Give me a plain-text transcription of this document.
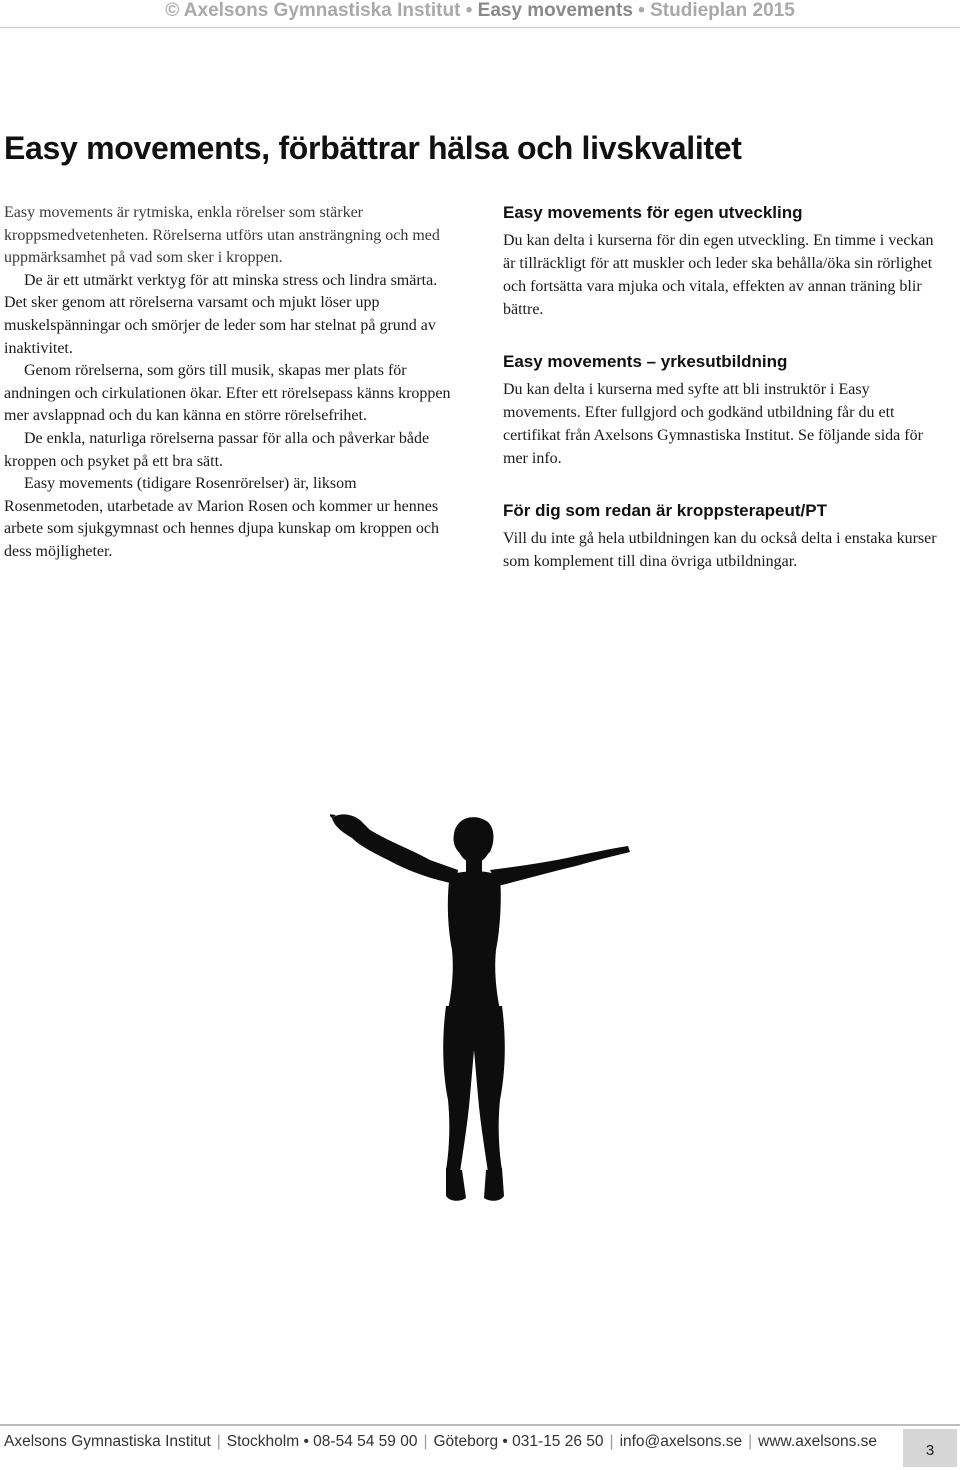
© Axelsons Gymnastiska Institut • Easy movements • Studieplan 2015
Easy movements, förbättrar hälsa och livskvalitet

Easy movements är rytmiska, enkla rörelser som stärker kroppsmedvetenheten. Rörelserna utförs utan ansträngning och med uppmärksamhet på vad som sker i kroppen.

De är ett utmärkt verktyg för att minska stress och lindra smärta. Det sker genom att rörelserna varsamt och mjukt löser upp muskelspänningar och smörjer de leder som har stelnat på grund av inaktivitet.

Genom rörelserna, som görs till musik, skapas mer plats för andningen och cirkulationen ökar. Efter ett rörelsepass känns kroppen mer avslappnad och du kan känna en större rörelsefrihet.

De enkla, naturliga rörelserna passar för alla och påverkar både kroppen och psyket på ett bra sätt.

Easy movements (tidigare Rosenrörelser) är, liksom Rosenmetoden, utarbetade av Marion Rosen och kommer ur hennes arbete som sjukgymnast och hennes djupa kunskap om kroppen och dess möjligheter.

Easy movements för egen utveckling

Du kan delta i kurserna för din egen utveckling. En timme i veckan är tillräckligt för att muskler och leder ska behålla/öka sin rörlighet och fortsätta vara mjuka och vitala, effekten av annan träning blir bättre.

Easy movements – yrkesutbildning

Du kan delta i kurserna med syfte att bli instruktör i Easy movements. Efter fullgjord och godkänd utbildning får du ett certifikat från Axelsons Gymnastiska Institut. Se följande sida för mer info.

För dig som redan är kroppsterapeut/PT

Vill du inte gå hela utbildningen kan du också delta i enstaka kurser som komplement till dina övriga utbildningar.

Axelsons Gymnastiska Institut | Stockholm • 08-54 54 59 00 | Göteborg • 031-15 26 50 | info@axelsons.se | www.axelsons.se
3
